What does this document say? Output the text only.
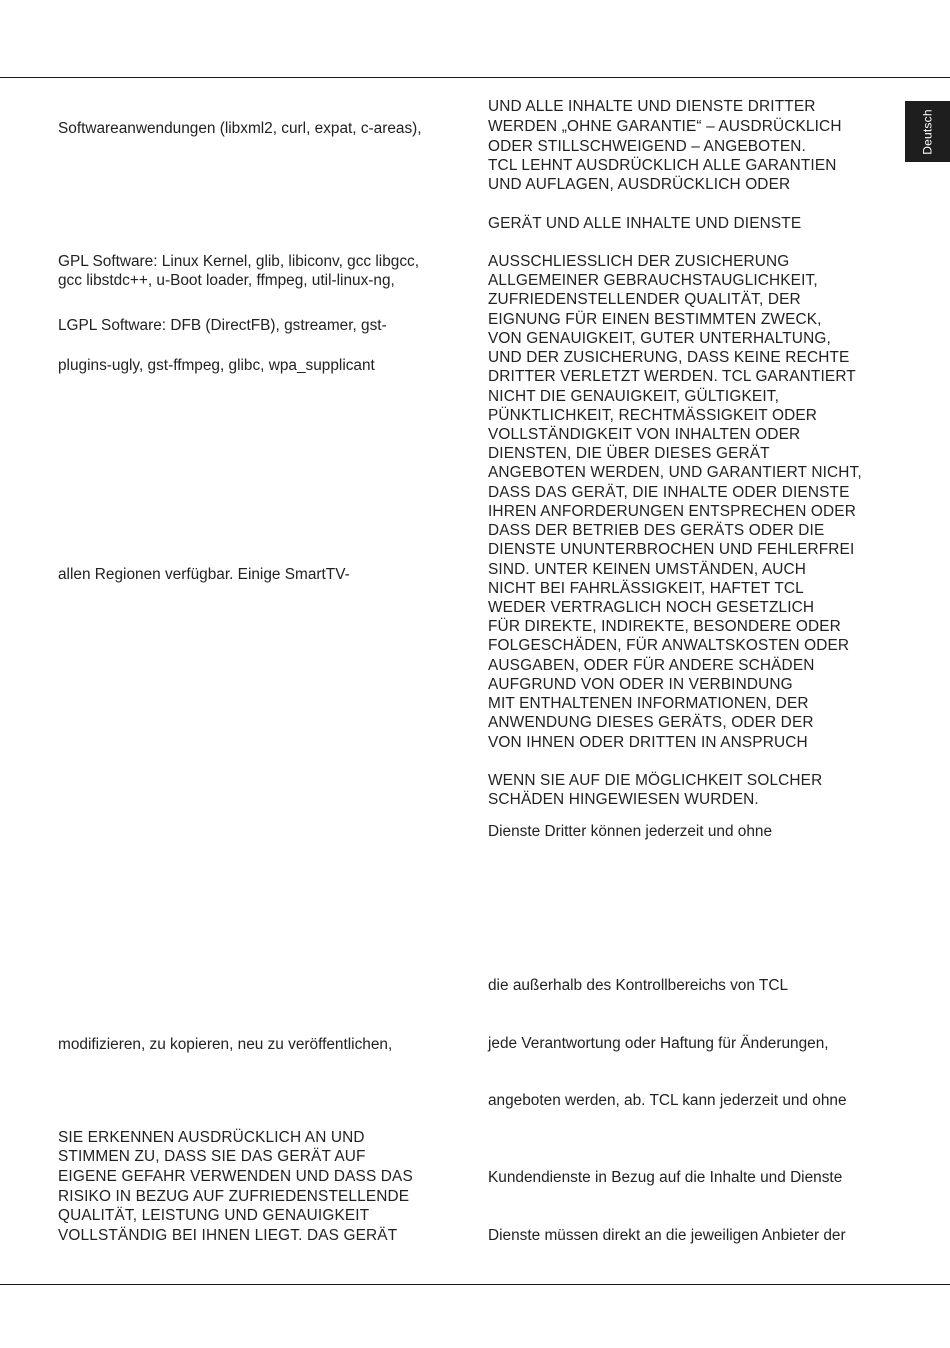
Deutsch
Softwareanwendungen (libxml2, curl, expat, c-areas),
GPL Software: Linux Kernel, glib, libiconv, gcc libgcc,
gcc libstdc++, u-Boot loader, ffmpeg, util-linux-ng,
LGPL Software: DFB (DirectFB), gstreamer, gst-
plugins-ugly, gst-ffmpeg, glibc, wpa_supplicant
allen Regionen verfügbar. Einige SmartTV-
modifizieren, zu kopieren, neu zu veröffentlichen,
SIE ERKENNEN AUSDRÜCKLICH AN UND
STIMMEN ZU, DASS SIE DAS GERÄT AUF
EIGENE GEFAHR VERWENDEN UND DASS DAS
RISIKO IN BEZUG AUF ZUFRIEDENSTELLENDE
QUALITÄT, LEISTUNG UND GENAUIGKEIT
VOLLSTÄNDIG BEI IHNEN LIEGT. DAS GERÄT
UND ALLE INHALTE UND DIENSTE DRITTER
WERDEN „OHNE GARANTIE“ – AUSDRÜCKLICH
ODER STILLSCHWEIGEND – ANGEBOTEN.
TCL LEHNT AUSDRÜCKLICH ALLE GARANTIEN
UND AUFLAGEN, AUSDRÜCKLICH ODER
GERÄT UND ALLE INHALTE UND DIENSTE
AUSSCHLIESSLICH DER ZUSICHERUNG
ALLGEMEINER GEBRAUCHSTAUGLICHKEIT,
ZUFRIEDENSTELLENDER QUALITÄT, DER
EIGNUNG FÜR EINEN BESTIMMTEN ZWECK,
VON GENAUIGKEIT, GUTER UNTERHALTUNG,
UND DER ZUSICHERUNG, DASS KEINE RECHTE
DRITTER VERLETZT WERDEN. TCL GARANTIERT
NICHT DIE GENAUIGKEIT, GÜLTIGKEIT,
PÜNKTLICHKEIT, RECHTMÄSSIGKEIT ODER
VOLLSTÄNDIGKEIT VON INHALTEN ODER
DIENSTEN, DIE ÜBER DIESES GERÄT
ANGEBOTEN WERDEN, UND GARANTIERT NICHT,
DASS DAS GERÄT, DIE INHALTE ODER DIENSTE
IHREN ANFORDERUNGEN ENTSPRECHEN ODER
DASS DER BETRIEB DES GERÄTS ODER DIE
DIENSTE UNUNTERBROCHEN UND FEHLERFREI
SIND. UNTER KEINEN UMSTÄNDEN, AUCH
NICHT BEI FAHRLÄSSIGKEIT, HAFTET TCL
WEDER VERTRAGLICH NOCH GESETZLICH
FÜR DIREKTE, INDIREKTE, BESONDERE ODER
FOLGESCHÄDEN, FÜR ANWALTSKOSTEN ODER
AUSGABEN, ODER FÜR ANDERE SCHÄDEN
AUFGRUND VON ODER IN VERBINDUNG
MIT ENTHALTENEN INFORMATIONEN, DER
ANWENDUNG DIESES GERÄTS, ODER DER
VON IHNEN ODER DRITTEN IN ANSPRUCH
WENN SIE AUF DIE MÖGLICHKEIT SOLCHER
SCHÄDEN HINGEWIESEN WURDEN.
Dienste Dritter können jederzeit und ohne
die außerhalb des Kontrollbereichs von TCL
jede Verantwortung oder Haftung für Änderungen,
angeboten werden, ab. TCL kann jederzeit und ohne
Kundendienste in Bezug auf die Inhalte und Dienste
Dienste müssen direkt an die jeweiligen Anbieter der
